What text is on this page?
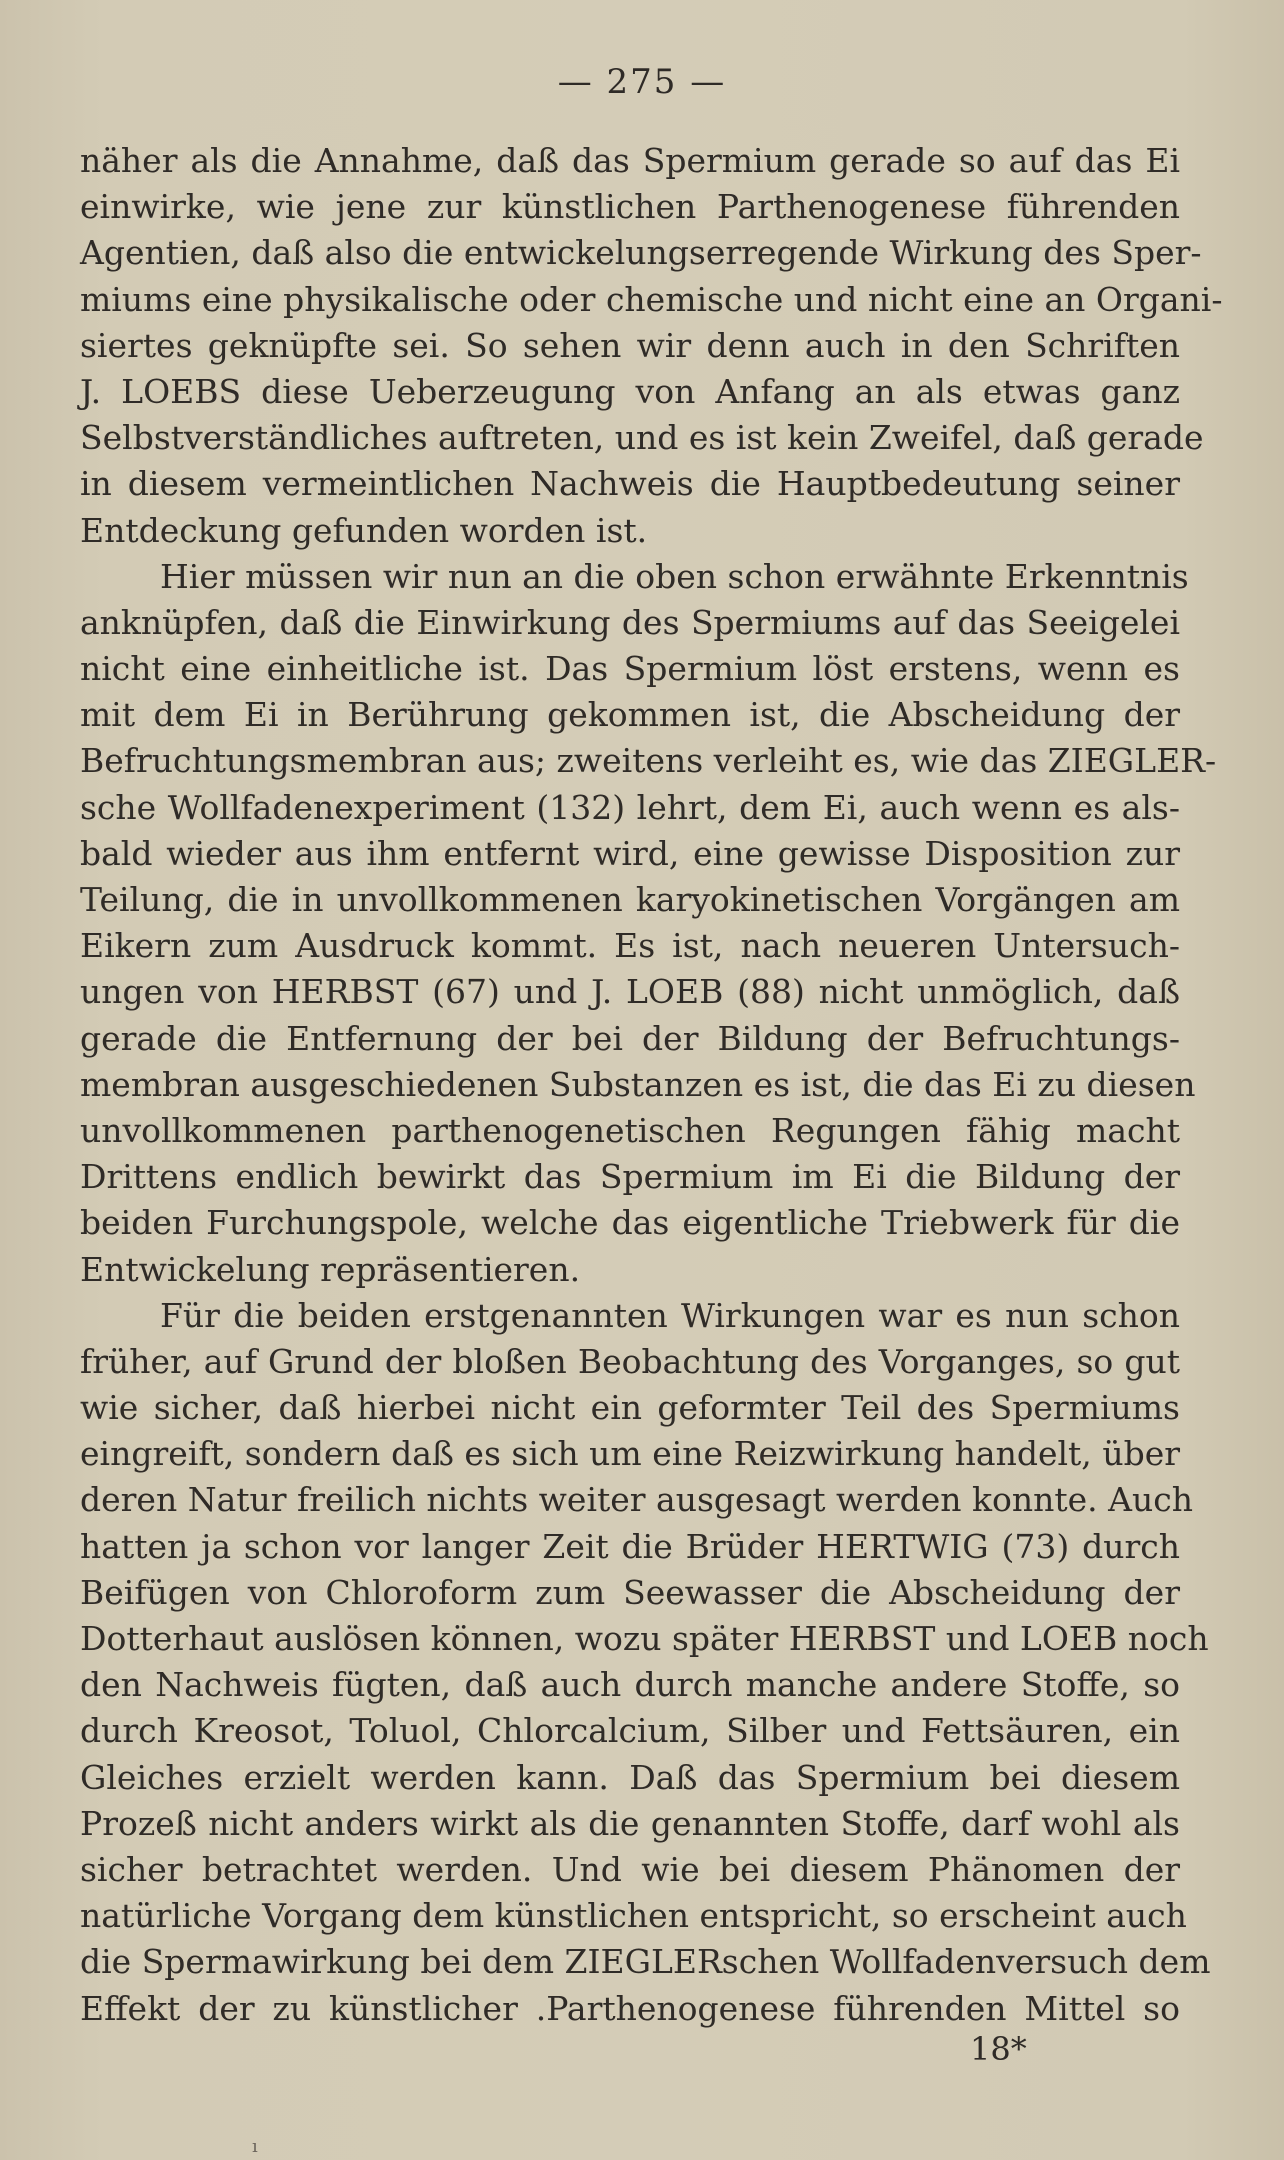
— 275 —
näher als die Annahme, daß das Spermium gerade so auf das Ei
einwirke, wie jene zur künstlichen Parthenogenese führenden
Agentien, daß also die entwickelungserregende Wirkung des Sper-
miums eine physikalische oder chemische und nicht eine an Organi-
siertes geknüpfte sei. So sehen wir denn auch in den Schriften
J. LOEBS diese Ueberzeugung von Anfang an als etwas ganz
Selbstverständliches auftreten, und es ist kein Zweifel, daß gerade
in diesem vermeintlichen Nachweis die Hauptbedeutung seiner
Entdeckung gefunden worden ist.
Hier müssen wir nun an die oben schon erwähnte Erkenntnis
anknüpfen, daß die Einwirkung des Spermiums auf das Seeigelei
nicht eine einheitliche ist. Das Spermium löst erstens, wenn es
mit dem Ei in Berührung gekommen ist, die Abscheidung der
Befruchtungsmembran aus; zweitens verleiht es, wie das ZIEGLER-
sche Wollfadenexperiment (132) lehrt, dem Ei, auch wenn es als-
bald wieder aus ihm entfernt wird, eine gewisse Disposition zur
Teilung, die in unvollkommenen karyokinetischen Vorgängen am
Eikern zum Ausdruck kommt. Es ist, nach neueren Untersuch-
ungen von HERBST (67) und J. LOEB (88) nicht unmöglich, daß
gerade die Entfernung der bei der Bildung der Befruchtungs-
membran ausgeschiedenen Substanzen es ist, die das Ei zu diesen
unvollkommenen parthenogenetischen Regungen fähig macht
Drittens endlich bewirkt das Spermium im Ei die Bildung der
beiden Furchungspole, welche das eigentliche Triebwerk für die
Entwickelung repräsentieren.
Für die beiden erstgenannten Wirkungen war es nun schon
früher, auf Grund der bloßen Beobachtung des Vorganges, so gut
wie sicher, daß hierbei nicht ein geformter Teil des Spermiums
eingreift, sondern daß es sich um eine Reizwirkung handelt, über
deren Natur freilich nichts weiter ausgesagt werden konnte. Auch
hatten ja schon vor langer Zeit die Brüder HERTWIG (73) durch
Beifügen von Chloroform zum Seewasser die Abscheidung der
Dotterhaut auslösen können, wozu später HERBST und LOEB noch
den Nachweis fügten, daß auch durch manche andere Stoffe, so
durch Kreosot, Toluol, Chlorcalcium, Silber und Fettsäuren, ein
Gleiches erzielt werden kann. Daß das Spermium bei diesem
Prozeß nicht anders wirkt als die genannten Stoffe, darf wohl als
sicher betrachtet werden. Und wie bei diesem Phänomen der
natürliche Vorgang dem künstlichen entspricht, so erscheint auch
die Spermawirkung bei dem ZIEGLERschen Wollfadenversuch dem
Effekt der zu künstlicher .Parthenogenese führenden Mittel so
18*
ı
